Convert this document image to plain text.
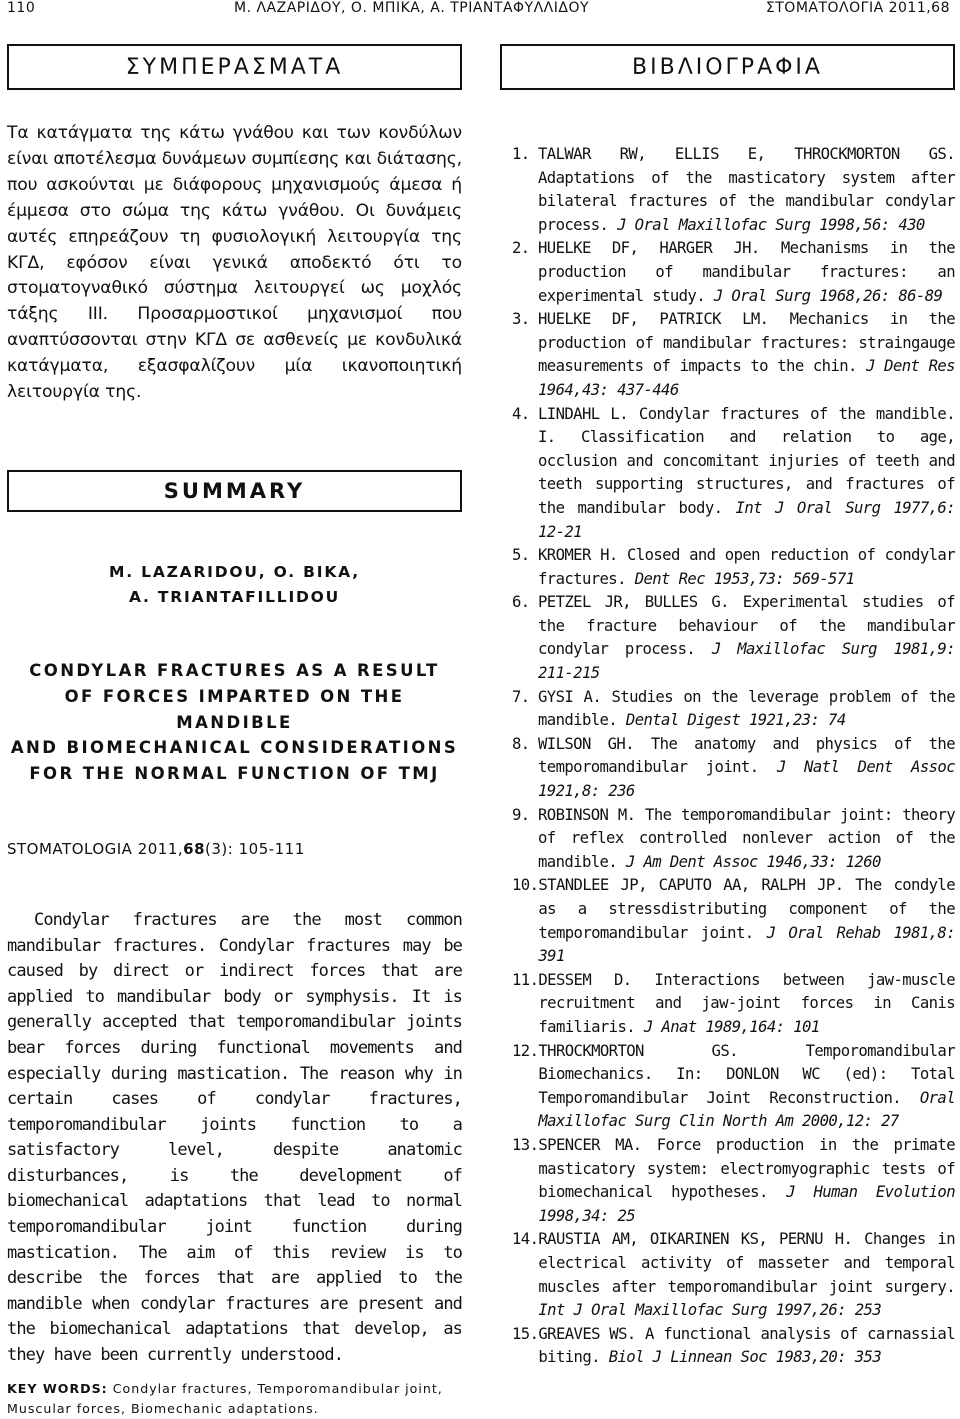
110	Μ. ΛΑΖΑΡΙΔΟΥ, Ο. ΜΠΙΚΑ, Α. ΤΡΙΑΝΤΑΦΥΛΛΙΔΟΥ	ΣΤΟΜΑΤΟΛΟΓΙΑ 2011,68
ΣΥΜΠΕΡΑΣΜΑΤΑ
Τα κατάγματα της κάτω γνάθου και των κονδύλων είναι αποτέλεσμα δυνάμεων συμπίεσης και διάτασης, που ασκούνται με διάφορους μηχανισμούς άμεσα ή έμμεσα στο σώμα της κάτω γνάθου. Οι δυνάμεις αυτές επηρεάζουν τη φυσιολογική λειτουργία της ΚΓΔ, εφόσον είναι γενικά αποδεκτό ότι το στοματογναθικό σύστημα λειτουργεί ως μοχλός τάξης ΙΙΙ. Προσαρμοστικοί μηχανισμοί που αναπτύσσονται στην ΚΓΔ σε ασθενείς με κονδυλικά κατάγματα, εξασφαλίζουν μία ικανοποιητική λειτουργία της.
SUMMARY
M. LAZARIDOU, O. BIKA,
A. TRIANTAFILLIDOU
CONDYLAR FRACTURES AS A RESULT
OF FORCES IMPARTED ON THE MANDIBLE
AND BIOMECHANICAL CONSIDERATIONS
FOR THE NORMAL FUNCTION OF TMJ
STOMATOLOGIA 2011,68(3): 105-111
Condylar fractures are the most common mandibular fractures. Condylar fractures may be caused by direct or indirect forces that are applied to mandibular body or symphysis. It is generally accepted that temporomandibular joints bear forces during functional movements and especially during mastication. The reason why in certain cases of condylar fractures, temporomandibular joints function to a satisfactory level, despite anatomic disturbances, is the development of biomechanical adaptations that lead to normal temporomandibular joint function during mastication. The aim of this review is to describe the forces that are applied to the mandible when condylar fractures are present and the biomechanical adaptations that develop, as they have been currently understood.
KEY WORDS: Condylar fractures, Temporomandibular joint, Muscular forces, Biomechanic adaptations.
ΒΙΒΛΙΟΓΡΑΦΙΑ
1. TALWAR RW, ELLIS E, THROCKMORTON GS. Adaptations of the masticatory system after bilateral fractures of the mandibular condylar process. J Oral Maxillofac Surg 1998,56: 430
2. HUELKE DF, HARGER JH. Mechanisms in the production of mandibular fractures: an experimental study. J Oral Surg 1968,26: 86-89
3. HUELKE DF, PATRICK LM. Mechanics in the production of mandibular fractures: straingauge measurements of impacts to the chin. J Dent Res 1964,43: 437-446
4. LINDAHL L. Condylar fractures of the mandible. I. Classification and relation to age, occlusion and concomitant injuries of teeth and teeth supporting structures, and fractures of the mandibular body. Int J Oral Surg 1977,6: 12-21
5. KROMER H. Closed and open reduction of condylar fractures. Dent Rec 1953,73: 569-571
6. PETZEL JR, BULLES G. Experimental studies of the fracture behaviour of the mandibular condylar process. J Maxillofac Surg 1981,9: 211-215
7. GYSI A. Studies on the leverage problem of the mandible. Dental Digest 1921,23: 74
8. WILSON GH. The anatomy and physics of the temporomandibular joint. J Natl Dent Assoc 1921,8: 236
9. ROBINSON M. The temporomandibular joint: theory of reflex controlled nonlever action of the mandible. J Am Dent Assoc 1946,33: 1260
10. STANDLEE JP, CAPUTO AA, RALPH JP. The condyle as a stressdistributing component of the temporomandibular joint. J Oral Rehab 1981,8: 391
11. DESSEM D. Interactions between jaw-muscle recruitment and jaw-joint forces in Canis familiaris. J Anat 1989,164: 101
12. THROCKMORTON GS. Temporomandibular Biomechanics. In: DONLON WC (ed): Total Temporomandibular Joint Reconstruction. Oral Maxillofac Surg Clin North Am 2000,12: 27
13. SPENCER MA. Force production in the primate masticatory system: electromyographic tests of biomechanical hypotheses. J Human Evolution 1998,34: 25
14. RAUSTIA AM, OIKARINEN KS, PERNU H. Changes in electrical activity of masseter and temporal muscles after temporomandibular joint surgery. Int J Oral Maxillofac Surg 1997,26: 253
15. GREAVES WS. A functional analysis of carnassial biting. Biol J Linnean Soc 1983,20: 353
